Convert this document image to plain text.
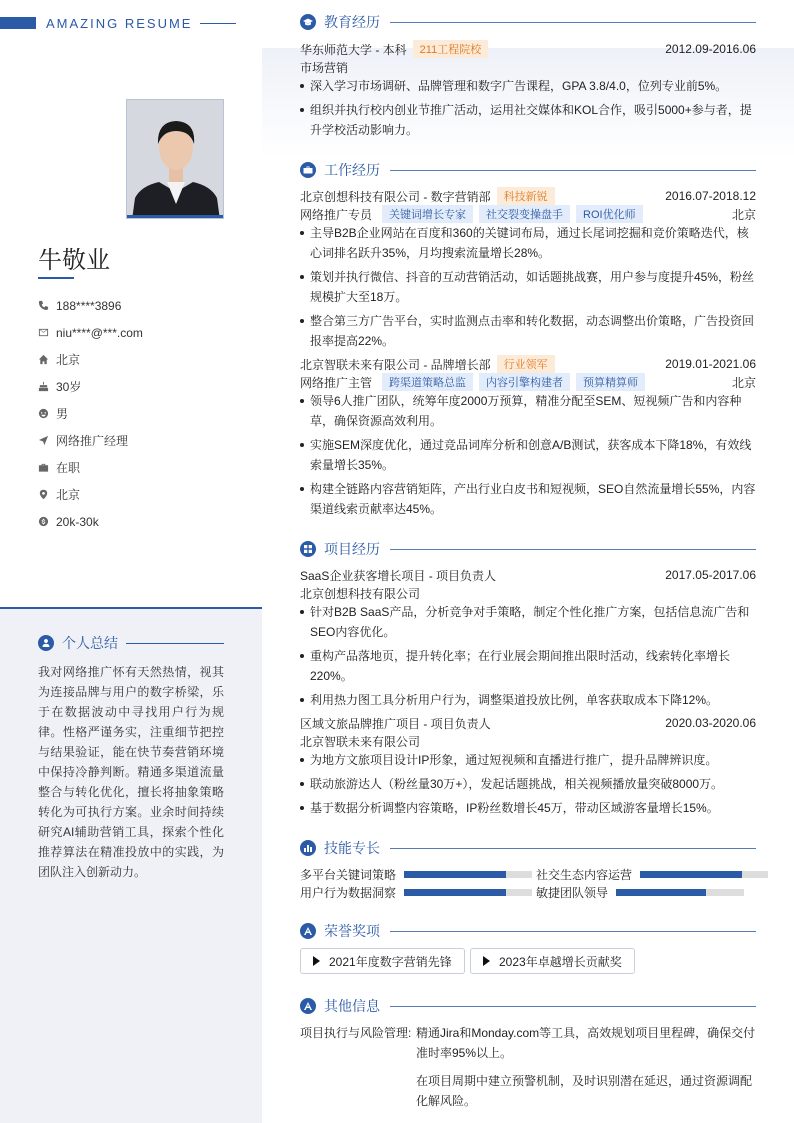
AMAZING RESUME
牛敬业
188****3896
niu****@***.com
北京
30岁
男
网络推广经理
在职
北京
20k-30k
个人总结
我对网络推广怀有天然热情，视其为连接品牌与用户的数字桥梁，乐于在数据波动中寻找用户行为规律。性格严谨务实，注重细节把控与结果验证，能在快节奏营销环境中保持冷静判断。精通多渠道流量整合与转化优化，擅长将抽象策略转化为可执行方案。业余时间持续研究AI辅助营销工具，探索个性化推荐算法在精准投放中的实践，为团队注入创新动力。
教育经历
华东师范大学 - 本科	211工程院校	2012.09-2016.06
市场营销
深入学习市场调研、品牌管理和数字广告课程，GPA 3.8/4.0，位列专业前5%。
组织并执行校内创业节推广活动，运用社交媒体和KOL合作，吸引5000+参与者，提升学校活动影响力。
工作经历
北京创想科技有限公司 - 数字营销部	科技新锐	2016.07-2018.12
网络推广专员	关键词增长专家	社交裂变操盘手	ROI优化师	北京
主导B2B企业网站在百度和360的关键词布局，通过长尾词挖掘和竞价策略迭代，核心词排名跃升35%，月均搜索流量增长28%。
策划并执行微信、抖音的互动营销活动，如话题挑战赛，用户参与度提升45%，粉丝规模扩大至18万。
整合第三方广告平台，实时监测点击率和转化数据，动态调整出价策略，广告投资回报率提高22%。
北京智联未来有限公司 - 品牌增长部	行业领军	2019.01-2021.06
网络推广主管	跨渠道策略总监	内容引擎构建者	预算精算师	北京
领导6人推广团队，统筹年度2000万预算，精准分配至SEM、短视频广告和内容种草，确保资源高效利用。
实施SEM深度优化，通过竞品词库分析和创意A/B测试，获客成本下降18%，有效线索量增长35%。
构建全链路内容营销矩阵，产出行业白皮书和短视频，SEO自然流量增长55%，内容渠道线索贡献率达45%。
项目经历
SaaS企业获客增长项目 - 项目负责人	2017.05-2017.06
北京创想科技有限公司
针对B2B SaaS产品，分析竞争对手策略，制定个性化推广方案，包括信息流广告和SEO内容优化。
重构产品落地页，提升转化率；在行业展会期间推出限时活动，线索转化率增长220%。
利用热力图工具分析用户行为，调整渠道投放比例，单客获取成本下降12%。
区域文旅品牌推广项目 - 项目负责人	2020.03-2020.06
北京智联未来有限公司
为地方文旅项目设计IP形象，通过短视频和直播进行推广，提升品牌辨识度。
联动旅游达人（粉丝量30万+），发起话题挑战，相关视频播放量突破8000万。
基于数据分析调整内容策略，IP粉丝数增长45万，带动区域游客量增长15%。
技能专长
多平台关键词策略	社交生态内容运营
用户行为数据洞察	敏捷团队领导
荣誉奖项
2021年度数字营销先锋	2023年卓越增长贡献奖
其他信息
项目执行与风险管理: 精通Jira和Monday.com等工具，高效规划项目里程碑，确保交付准时率95%以上。
在项目周期中建立预警机制，及时识别潜在延迟，通过资源调配化解风险。
